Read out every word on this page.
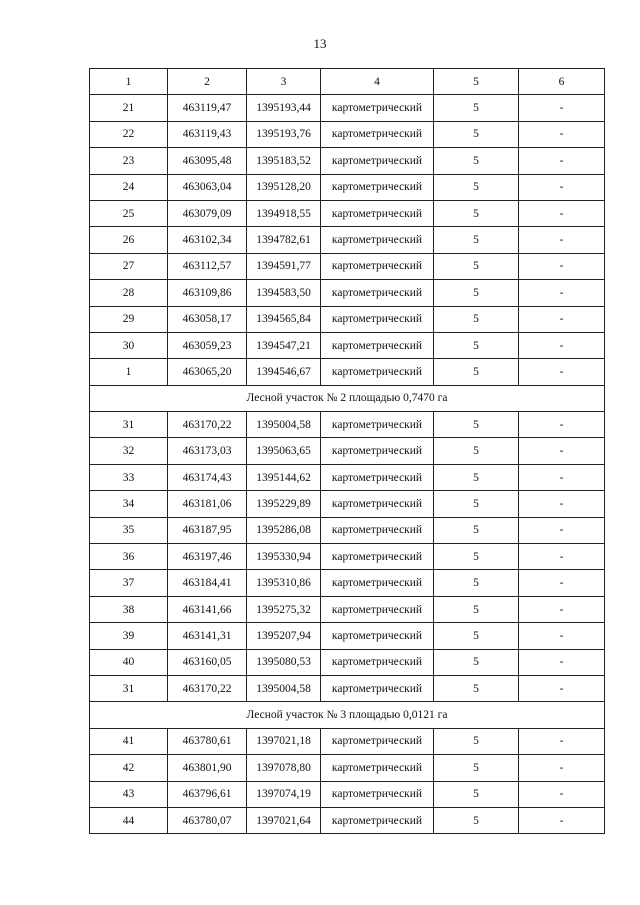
13
1	2	3	4	5	6
21	463119,47	1395193,44	картометрический	5	-
22	463119,43	1395193,76	картометрический	5	-
23	463095,48	1395183,52	картометрический	5	-
24	463063,04	1395128,20	картометрический	5	-
25	463079,09	1394918,55	картометрический	5	-
26	463102,34	1394782,61	картометрический	5	-
27	463112,57	1394591,77	картометрический	5	-
28	463109,86	1394583,50	картометрический	5	-
29	463058,17	1394565,84	картометрический	5	-
30	463059,23	1394547,21	картометрический	5	-
1	463065,20	1394546,67	картометрический	5	-
Лесной участок № 2 площадью 0,7470 га					
31	463170,22	1395004,58	картометрический	5	-
32	463173,03	1395063,65	картометрический	5	-
33	463174,43	1395144,62	картометрический	5	-
34	463181,06	1395229,89	картометрический	5	-
35	463187,95	1395286,08	картометрический	5	-
36	463197,46	1395330,94	картометрический	5	-
37	463184,41	1395310,86	картометрический	5	-
38	463141,66	1395275,32	картометрический	5	-
39	463141,31	1395207,94	картометрический	5	-
40	463160,05	1395080,53	картометрический	5	-
31	463170,22	1395004,58	картометрический	5	-
Лесной участок № 3 площадью 0,0121 га					
41	463780,61	1397021,18	картометрический	5	-
42	463801,90	1397078,80	картометрический	5	-
43	463796,61	1397074,19	картометрический	5	-
44	463780,07	1397021,64	картометрический	5	-
